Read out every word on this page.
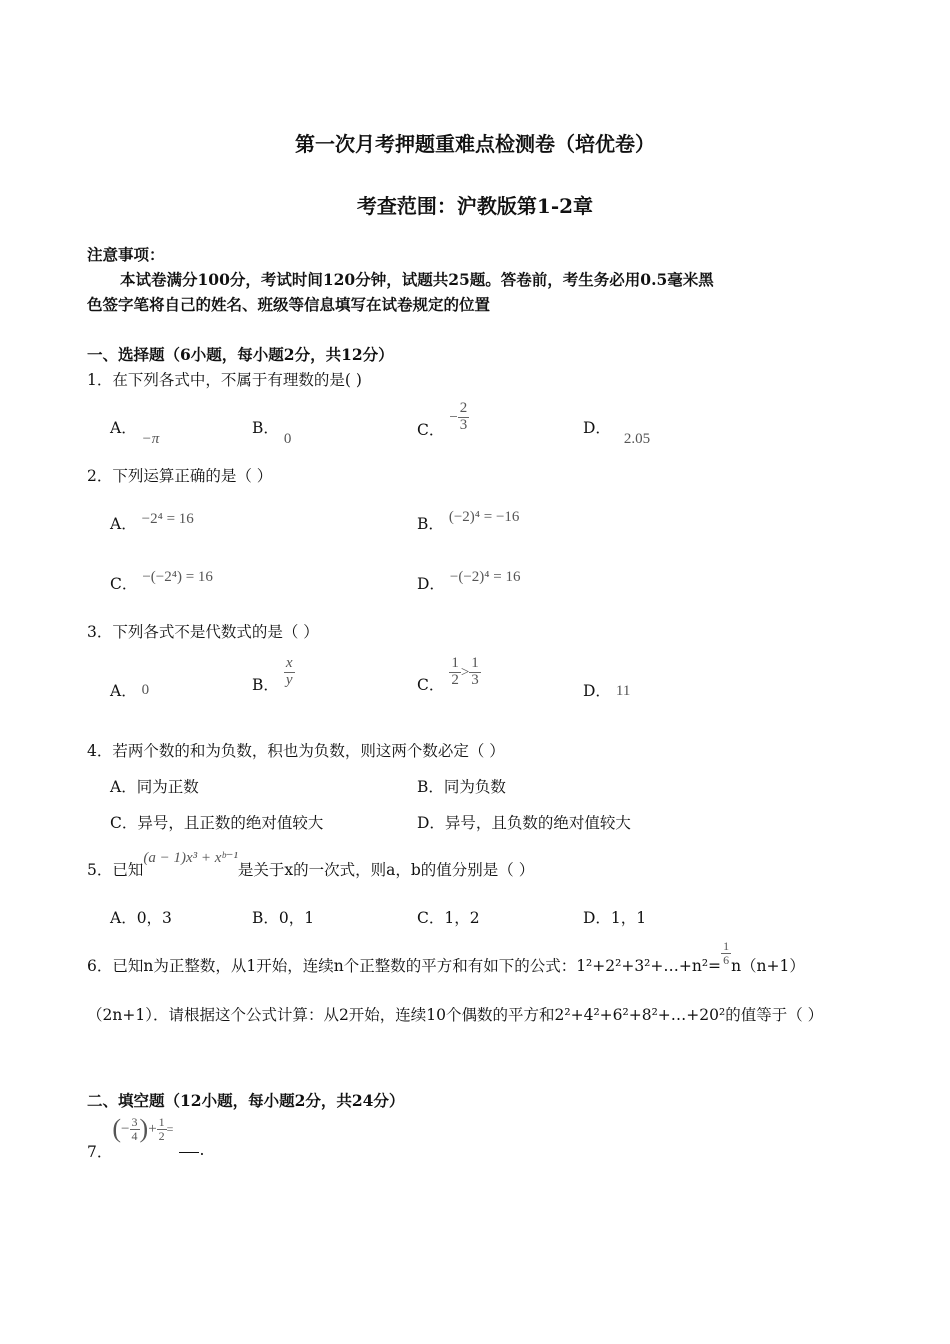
第一次月考押题重难点检测卷（培优卷）
考查范围：沪教版第1-2章
注意事项：
本试卷满分100分，考试时间120分钟，试题共25题。答卷前，考生务必用0.5毫米黑
色签字笔将自己的姓名、班级等信息填写在试卷规定的位置
一、选择题（6小题，每小题2分，共12分）
1．在下列各式中，不属于有理数的是( )
A． −π
B． 0	C． − $\frac{2}{3}$	D． 2.05
2．下列运算正确的是（ ）
A． −2⁴ = 16	B． (−2)⁴ = −16
C． −(−2⁴) = 16	D． −(−2)⁴ = 16
3．下列各式不是代数式的是（ ）
A． 0	B． $\frac{x}{y}$	C． $\frac{1}{2} > \frac{1}{3}$
D． 11
4．若两个数的和为负数，积也为负数，则这两个数必定（ ）
A．同为正数	B．同为负数
C．异号，且正数的绝对值较大	D．异号，且负数的绝对值较大
5．已知(a − 1)x³ + xᵇ⁻¹是关于x的一次式，则a，b的值分别是（ ）
A．0，3	B．0，1	C．1，2	D．1，1
6．已知n为正整数，从1开始，连续n个正整数的平方和有如下的公式：1²+2²+3²+…+n²= $\frac{1}{6} n(n+1)$
（2n+1）．请根据这个公式计算：从2开始，连续10个偶数的平方和2²+4²+6²+8²+…+20²的值等于（ ）
二、填空题（12小题，每小题2分，共24分）
7．(− $\frac{3}{4}$ )+ $\frac{1}{2}$ =.
